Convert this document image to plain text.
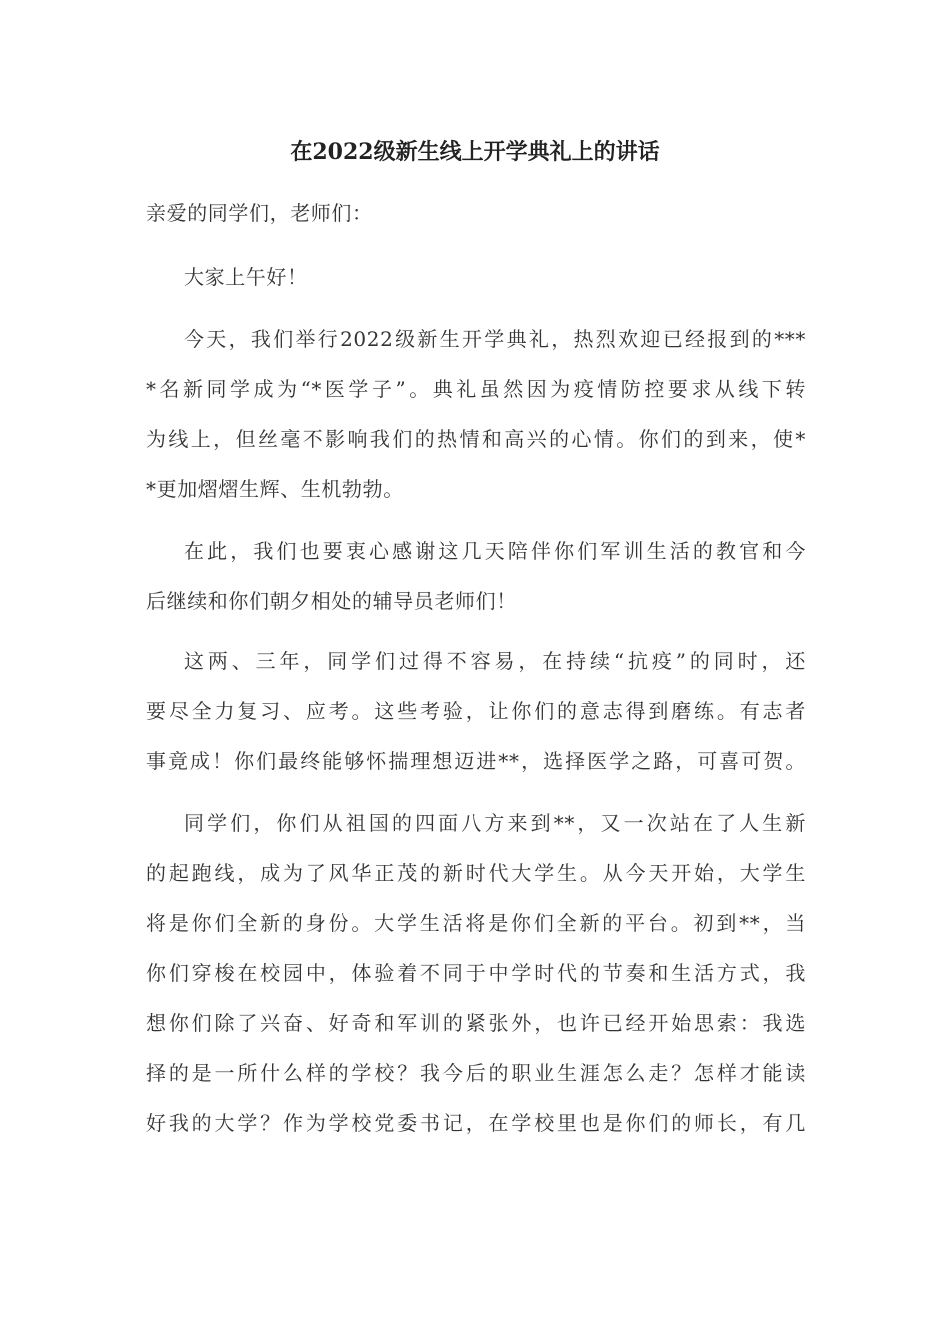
在2022级新生线上开学典礼上的讲话
亲爱的同学们，老师们：
大家上午好！
今天，我们举行2022级新生开学典礼，热烈欢迎已经报到的***
*名新同学成为“*医学子”。典礼虽然因为疫情防控要求从线下转
为线上，但丝毫不影响我们的热情和高兴的心情。你们的到来，使*
*更加熠熠生辉、生机勃勃。
在此，我们也要衷心感谢这几天陪伴你们军训生活的教官和今
后继续和你们朝夕相处的辅导员老师们！
这两、三年，同学们过得不容易，在持续“抗疫”的同时，还
要尽全力复习、应考。这些考验，让你们的意志得到磨练。有志者
事竟成！你们最终能够怀揣理想迈进**，选择医学之路，可喜可贺。
同学们，你们从祖国的四面八方来到**，又一次站在了人生新
的起跑线，成为了风华正茂的新时代大学生。从今天开始，大学生
将是你们全新的身份。大学生活将是你们全新的平台。初到**，当
你们穿梭在校园中，体验着不同于中学时代的节奏和生活方式，我
想你们除了兴奋、好奇和军训的紧张外，也许已经开始思索：我选
择的是一所什么样的学校？我今后的职业生涯怎么走？怎样才能读
好我的大学？作为学校党委书记，在学校里也是你们的师长，有几
